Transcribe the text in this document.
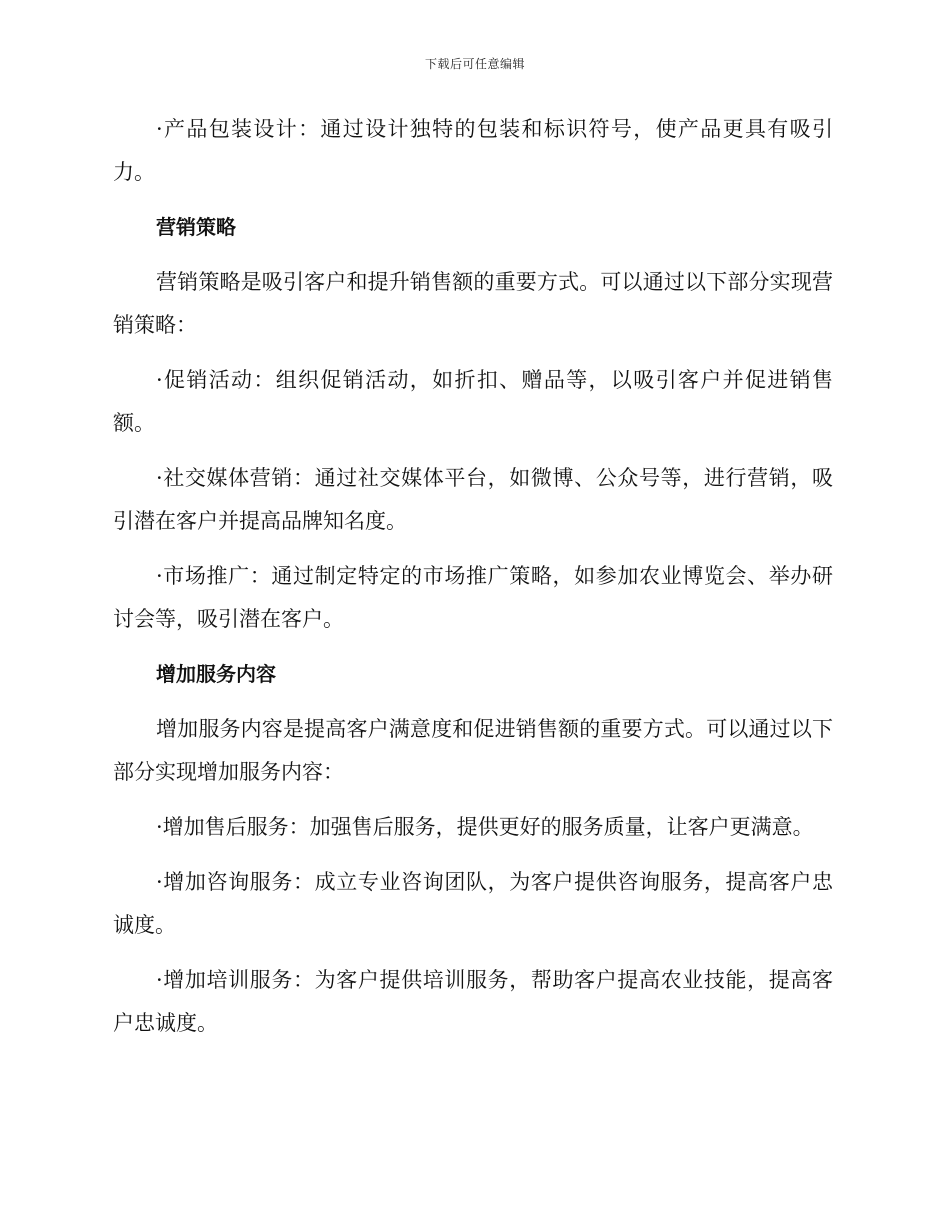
下载后可任意编辑

·产品包装设计：通过设计独特的包装和标识符号，使产品更具有吸引力。

营销策略

营销策略是吸引客户和提升销售额的重要方式。可以通过以下部分实现营销策略：

·促销活动：组织促销活动，如折扣、赠品等，以吸引客户并促进销售额。

·社交媒体营销：通过社交媒体平台，如微博、公众号等，进行营销，吸引潜在客户并提高品牌知名度。

·市场推广：通过制定特定的市场推广策略，如参加农业博览会、举办研讨会等，吸引潜在客户。

增加服务内容

增加服务内容是提高客户满意度和促进销售额的重要方式。可以通过以下部分实现增加服务内容：

·增加售后服务：加强售后服务，提供更好的服务质量，让客户更满意。

·增加咨询服务：成立专业咨询团队，为客户提供咨询服务，提高客户忠诚度。

·增加培训服务：为客户提供培训服务，帮助客户提高农业技能，提高客户忠诚度。
